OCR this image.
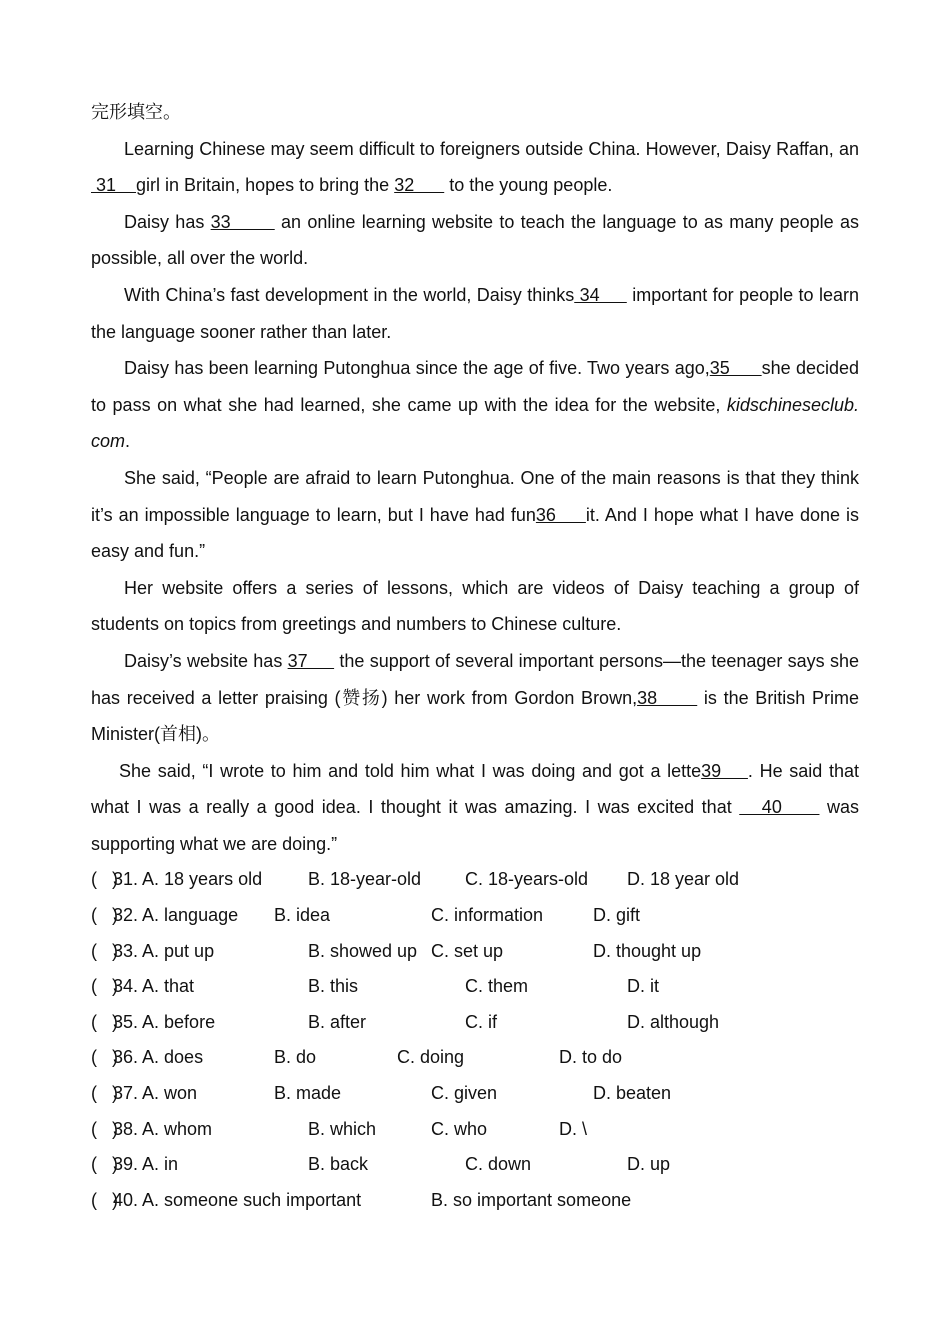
完形填空。

Learning Chinese may seem difficult to foreigners outside China. However, Daisy Raffan, an 31    girl in Britain, hopes to bring the 32       to the young people.

Daisy has 33        an online learning website to teach the language to as many people as possible, all over the world.

With China’s fast development in the world, Daisy thinks 34      important for people to learn the language sooner rather than later.

Daisy has been learning Putonghua since the age of five. Two years ago,35      she decided to pass on what she had learned, she came up with the idea for the website, kidschineseclub. com.

She said, “People are afraid to learn Putonghua. One of the main reasons is that they think it’s an impossible language to learn, but I have had fun36     it. And I hope what I have done is easy and fun.”

Her website offers a series of lessons, which are videos of Daisy teaching a group of students on topics from greetings and numbers to Chinese culture.

Daisy’s website has 37      the support of several important persons—the teenager says she has received a letter praising (赞扬) her work from Gordon Brown,38       is the British Prime Minister(首相)。

She said, “I wrote to him and told him what I was doing and got a lette39    . He said that what I was a really a good idea. I thought it was amazing. I was excited that    40      was supporting what we are doing.”

(   )
31. A. 18 years old	B. 18-year-old C. 18-years-old D. 18 year old
(   )
32. A. language B. idea	C. information	D. gift
(   )
33. A. put up	B. showed up C. set up	D. thought up
(   )
34. A. that	B. this	C. them	D. it
(   )
35. A. before	B. after	C. if	D. although
(   )
36. A. does	B. do	C. doing	D. to do
(   )
37. A. won	B. made	C. given	D. beaten
(   )
38. A. whom	B. which	C. who	D. \
(   )
39. A. in	B. back	C. down	D. up
(   )
40. A. someone such important	B. so important someone
